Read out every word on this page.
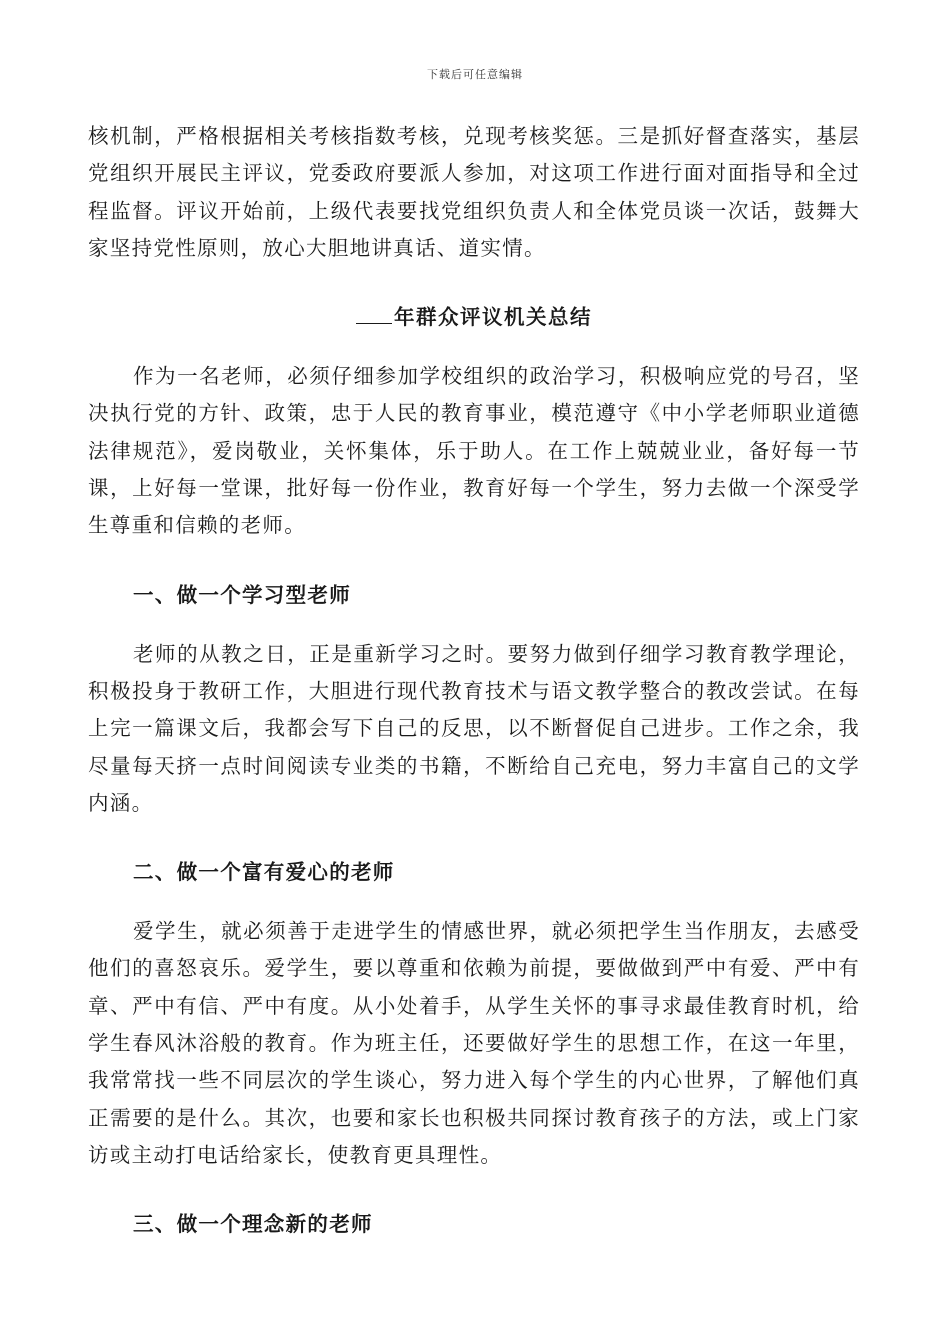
下载后可任意编辑

核机制，严格根据相关考核指数考核，兑现考核奖惩。三是抓好督查落实，基层党组织开展民主评议，党委政府要派人参加，对这项工作进行面对面指导和全过程监督。评议开始前，上级代表要找党组织负责人和全体党员谈一次话，鼓舞大家坚持党性原则，放心大胆地讲真话、道实情。

年群众评议机关总结

作为一名老师，必须仔细参加学校组织的政治学习，积极响应党的号召，坚决执行党的方针、政策，忠于人民的教育事业，模范遵守《中小学老师职业道德法律规范》，爱岗敬业，关怀集体，乐于助人。在工作上兢兢业业，备好每一节课，上好每一堂课，批好每一份作业，教育好每一个学生，努力去做一个深受学生尊重和信赖的老师。

一、做一个学习型老师

老师的从教之日，正是重新学习之时。要努力做到仔细学习教育教学理论，积极投身于教研工作，大胆进行现代教育技术与语文教学整合的教改尝试。在每上完一篇课文后，我都会写下自己的反思，以不断督促自己进步。工作之余，我尽量每天挤一点时间阅读专业类的书籍，不断给自己充电，努力丰富自己的文学内涵。

二、做一个富有爱心的老师

爱学生，就必须善于走进学生的情感世界，就必须把学生当作朋友，去感受他们的喜怒哀乐。爱学生，要以尊重和依赖为前提，要做做到严中有爱、严中有章、严中有信、严中有度。从小处着手，从学生关怀的事寻求最佳教育时机，给学生春风沐浴般的教育。作为班主任，还要做好学生的思想工作，在这一年里，我常常找一些不同层次的学生谈心，努力进入每个学生的内心世界，了解他们真正需要的是什么。其次，也要和家长也积极共同探讨教育孩子的方法，或上门家访或主动打电话给家长，使教育更具理性。

三、做一个理念新的老师
